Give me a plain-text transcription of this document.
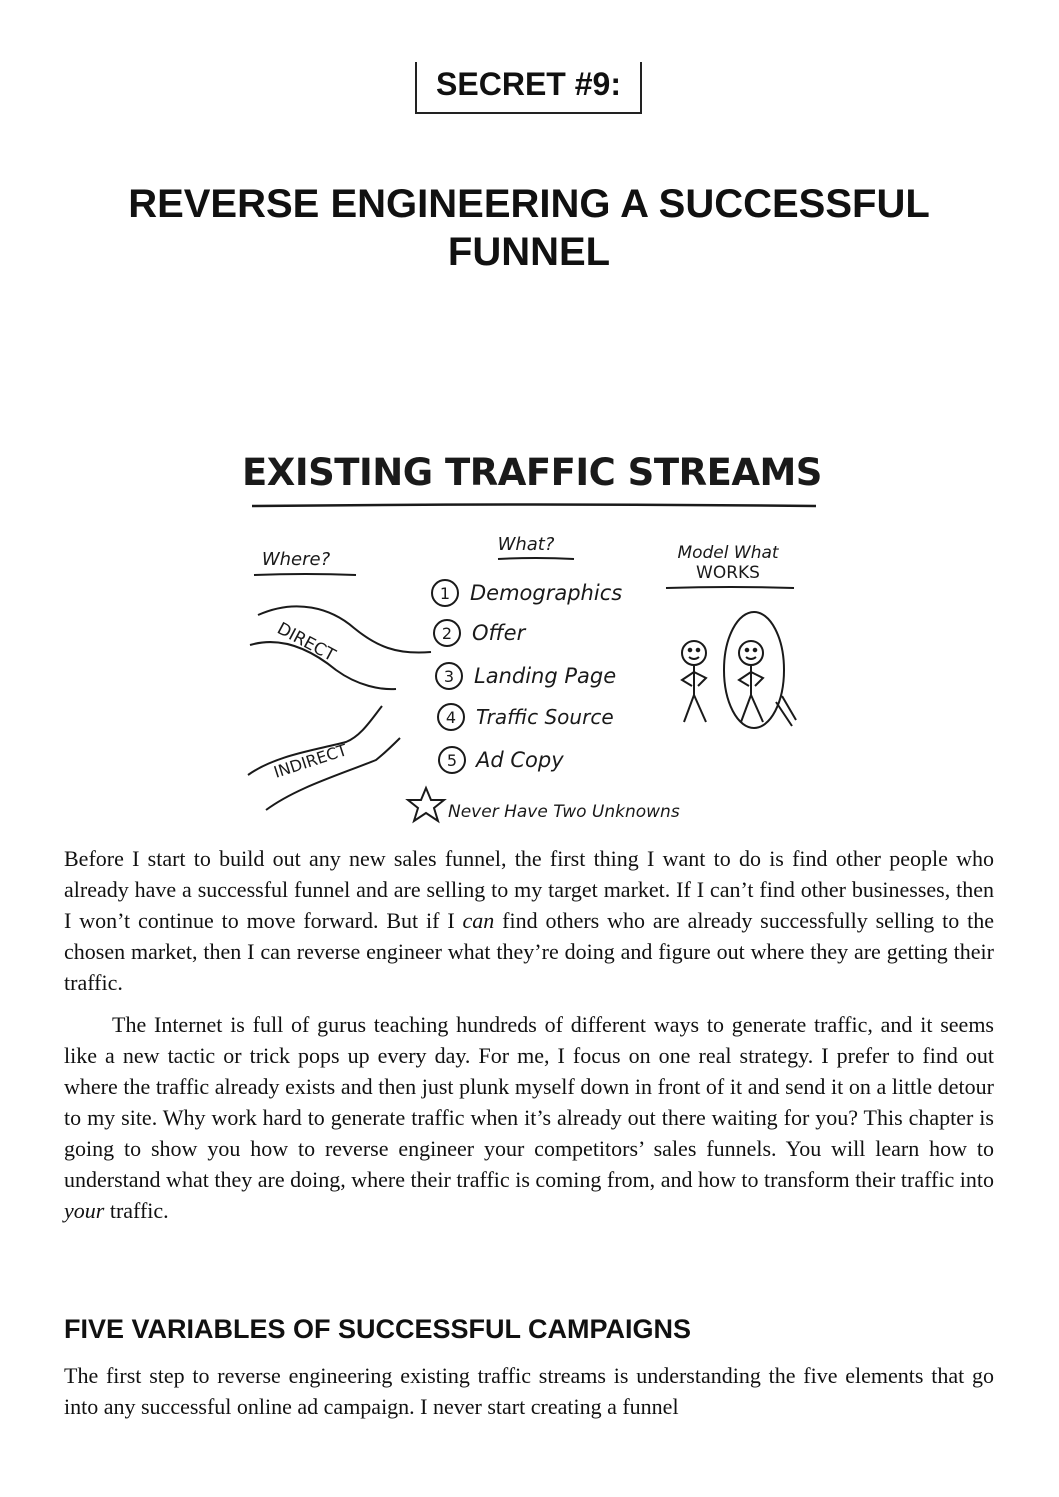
SECRET #9:
REVERSE ENGINEERING A SUCCESSFUL FUNNEL
EXISTING TRAFFIC STREAMS
Where?
DIRECT
INDIRECT
What?
1 Demographics
2 Offer
3 Landing Page
4 Traffic Source
5 Ad Copy
Model What
WORKS
Never Have Two Unknowns

Before I start to build out any new sales funnel, the first thing I want to do is find other people who already have a successful funnel and are selling to my target market. If I can’t find other businesses, then I won’t continue to move forward. But if I can find others who are already successfully selling to the chosen market, then I can reverse engineer what they’re doing and figure out where they are getting their traffic.

The Internet is full of gurus teaching hundreds of different ways to generate traffic, and it seems like a new tactic or trick pops up every day. For me, I focus on one real strategy. I prefer to find out where the traffic already exists and then just plunk myself down in front of it and send it on a little detour to my site. Why work hard to generate traffic when it’s already out there waiting for you? This chapter is going to show you how to reverse engineer your competitors’ sales funnels. You will learn how to understand what they are doing, where their traffic is coming from, and how to transform their traffic into your traffic.

FIVE VARIABLES OF SUCCESSFUL CAMPAIGNS

The first step to reverse engineering existing traffic streams is understanding the five elements that go into any successful online ad campaign. I never start creating a funnel
